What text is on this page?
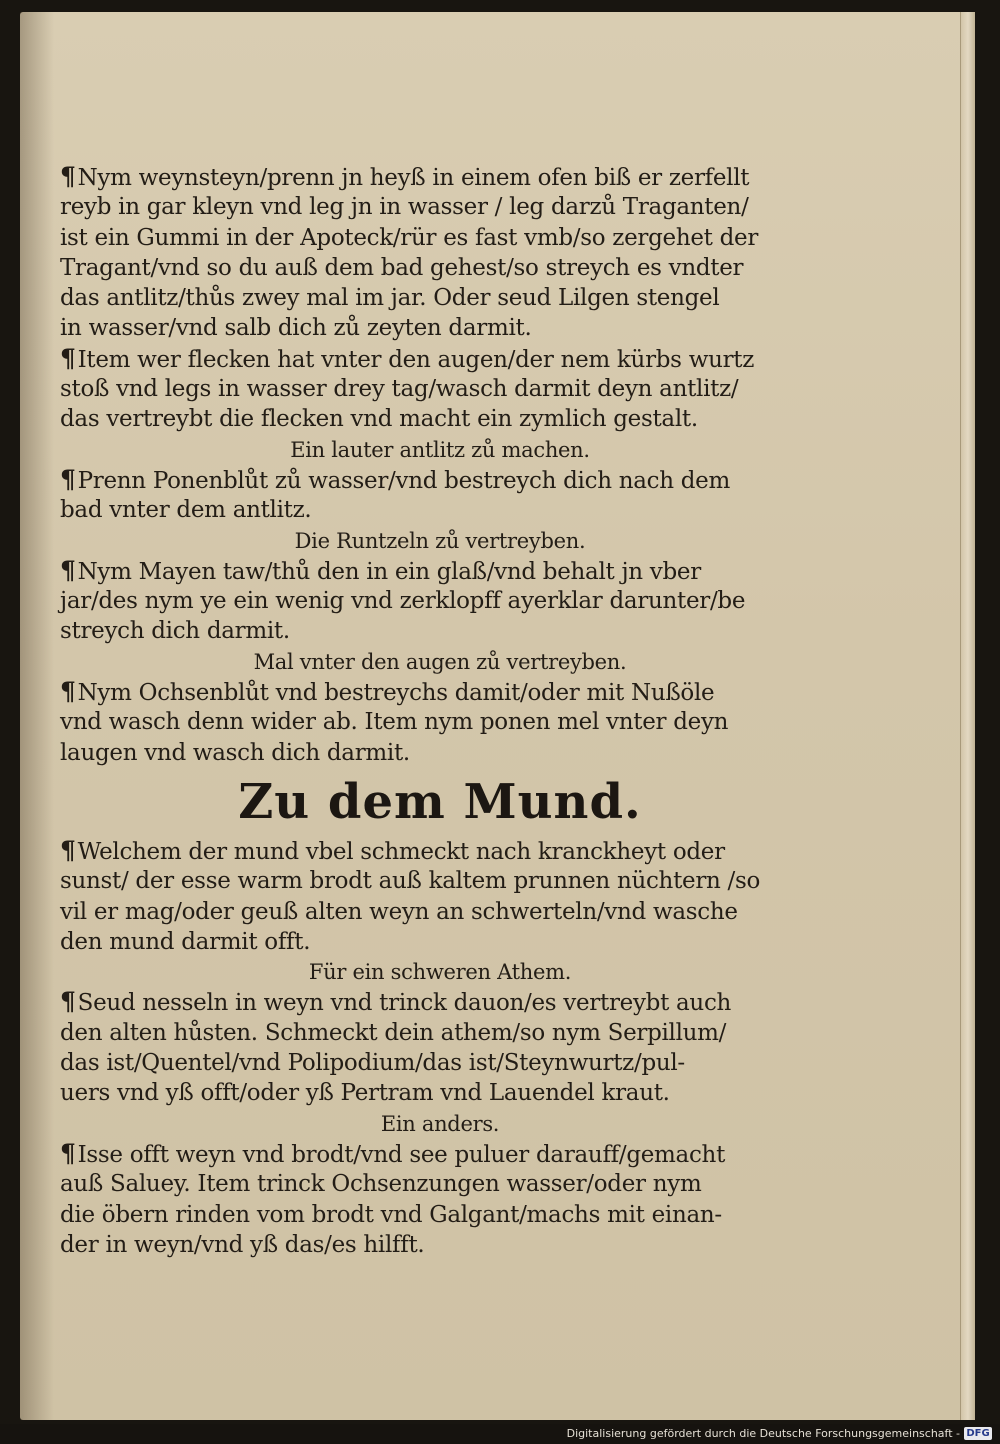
¶Nym weynsteyn/prenn jn heyß in einem ofen biß er zerfellt
reyb in gar kleyn vnd leg jn in wasser / leg darzů Traganten/
ist ein Gummi in der Apoteck/rür es fast vmb/so zergehet der
Tragant/vnd so du auß dem bad gehest/so streych es vndter
das antlitz/thůs zwey mal im jar. Oder seud Lilgen stengel
in wasser/vnd salb dich zů zeyten darmit.
¶Item wer flecken hat vnter den augen/der nem kürbs wurtz
stoß vnd legs in wasser drey tag/wasch darmit deyn antlitz/
das vertreybt die flecken vnd macht ein zymlich gestalt.
Ein lauter antlitz zů machen.
¶Prenn Ponenblůt zů wasser/vnd bestreych dich nach dem
bad vnter dem antlitz.
Die Runtzeln zů vertreyben.
¶Nym Mayen taw/thů den in ein glaß/vnd behalt jn vber
jar/des nym ye ein wenig vnd zerklopff ayerklar darunter/be
streych dich darmit.
Mal vnter den augen zů vertreyben.
¶Nym Ochsenblůt vnd bestreychs damit/oder mit Nußöle
vnd wasch denn wider ab. Item nym ponen mel vnter deyn
laugen vnd wasch dich darmit.
Zu dem Mund.
¶Welchem der mund vbel schmeckt nach kranckheyt oder
sunst/ der esse warm brodt auß kaltem prunnen nüchtern /so
vil er mag/oder geuß alten weyn an schwerteln/vnd wasche
den mund darmit offt.
Für ein schweren Athem.
¶Seud nesseln in weyn vnd trinck dauon/es vertreybt auch
den alten hůsten. Schmeckt dein athem/so nym Serpillum/
das ist/Quentel/vnd Polipodium/das ist/Steynwurtz/pul-
uers vnd yß offt/oder yß Pertram vnd Lauendel kraut.
Ein anders.
¶Isse offt weyn vnd brodt/vnd see puluer darauff/gemacht
auß Saluey. Item trinck Ochsenzungen wasser/oder nym
die öbern rinden vom brodt vnd Galgant/machs mit einan-
der in weyn/vnd yß das/es hilfft.
Digitalisierung gefördert durch die Deutsche Forschungsgemeinschaft - DFG
